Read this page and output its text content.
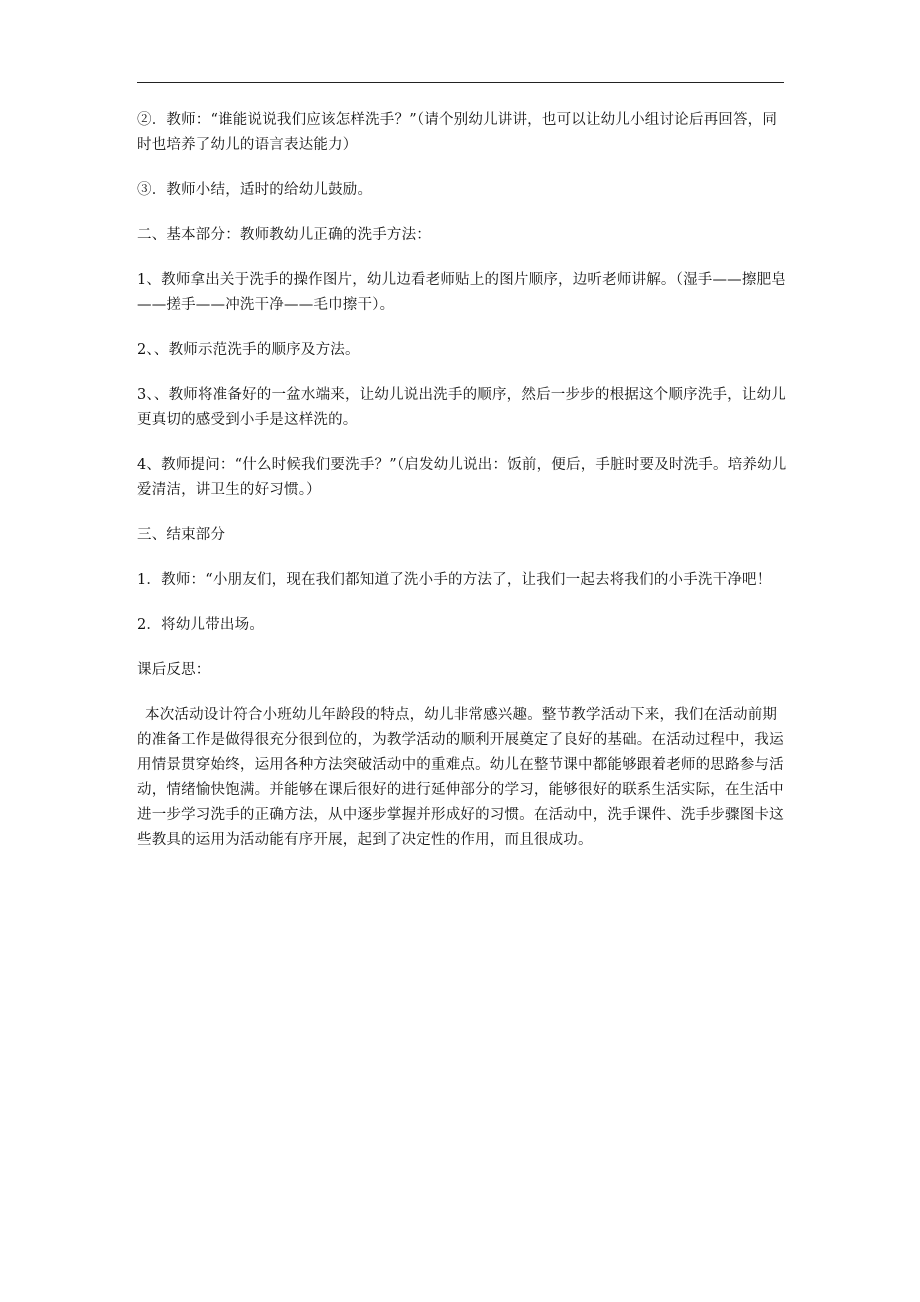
②．教师：“谁能说说我们应该怎样洗手？”（请个别幼儿讲讲，也可以让幼儿小组讨论后再回答，同时也培养了幼儿的语言表达能力）

③．教师小结，适时的给幼儿鼓励。

二、基本部分：教师教幼儿正确的洗手方法：

1、教师拿出关于洗手的操作图片，幼儿边看老师贴上的图片顺序，边听老师讲解。（湿手——擦肥皂——搓手——冲洗干净——毛巾擦干）。

2、、教师示范洗手的顺序及方法。

3、、教师将准备好的一盆水端来，让幼儿说出洗手的顺序，然后一步步的根据这个顺序洗手，让幼儿更真切的感受到小手是这样洗的。

4、教师提问：“什么时候我们要洗手？”（启发幼儿说出：饭前，便后，手脏时要及时洗手。培养幼儿爱清洁，讲卫生的好习惯。）

三、结束部分

1．教师：“小朋友们，现在我们都知道了洗小手的方法了，让我们一起去将我们的小手洗干净吧！

2．将幼儿带出场。

课后反思：

本次活动设计符合小班幼儿年龄段的特点，幼儿非常感兴趣。整节教学活动下来，我们在活动前期的准备工作是做得很充分很到位的，为教学活动的顺利开展奠定了良好的基础。在活动过程中，我运用情景贯穿始终，运用各种方法突破活动中的重难点。幼儿在整节课中都能够跟着老师的思路参与活动，情绪愉快饱满。并能够在课后很好的进行延伸部分的学习，能够很好的联系生活实际，在生活中进一步学习洗手的正确方法，从中逐步掌握并形成好的习惯。在活动中，洗手课件、洗手步骤图卡这些教具的运用为活动能有序开展，起到了决定性的作用，而且很成功。
